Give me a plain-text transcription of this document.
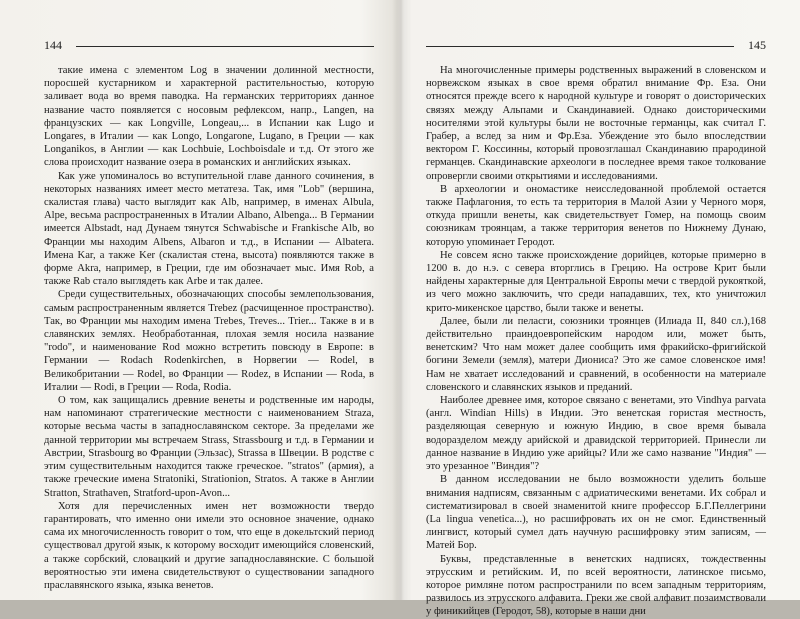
144

такие имена с элементом Log в значении долинной местности, поросшей кустарником и характерной растительностью, которую заливает вода во время паводка. На германских территориях данное название часто появляется с носовым рефлексом, напр., Langen, на французских — как Longville, Longeau,... в Испании как Lugo и Longares, в Италии — как Longo, Longarone, Lugano, в Греции — как Longanikos, в Англии — как Lochbuie, Lochboisdale и т.д. От этого же слова происходит название озера в романских и английских языках.

Как уже упоминалось во вступительной главе данного сочинения, в некоторых названиях имеет место метатеза. Так, имя "Lob" (вершина, скалистая глава) часто выглядит как Alb, например, в именах Albula, Alpe, весьма распространенных в Италии Albano, Albenga... В Германии имеется Albstadt, над Дунаем тянутся Schwabische и Frankische Alb, во Франции мы находим Albens, Albaron и т.д., в Испании — Albatera. Имена Kar, а также Ker (скалистая стена, высота) появляются также в форме Akra, например, в Греции, где им обозначает мыс. Имя Rob, а также Rab стало выглядеть как Arbe и так далее.

Среди существительных, обозначающих способы землепользования, самым распространенным является Trebez (расчищенное пространство). Так, во Франции мы находим имена Trebes, Treves... Trier... Также в и в славянских землях. Необработанная, плохая земля носила название "rodo", и наименование Rod можно встретить повсюду в Европе: в Германии — Rodach Rodenkirchen, в Норвегии — Rodel, в Великобритании — Rodel, во Франции — Rodez, в Испании — Roda, в Италии — Rodi, в Греции — Roda, Rodia.

О том, как защищались древние венеты и родственные им народы, нам напоминают стратегические местности с наименованием Straza, которые весьма часты в западнославянском секторе. За пределами же данной территории мы встречаем Strass, Strassbourg и т.д. в Германии и Австрии, Strasbourg во Франции (Эльзас), Strassa в Швеции. В родстве с этим существительным находится также греческое. "stratos" (армия), а также греческие имена Stratoniki, Strationion, Stratos. А также в Англии Stratton, Strathaven, Stratford-upon-Avon...

Хотя для перечисленных имен нет возможности твердо гарантировать, что именно они имели это основное значение, однако сама их многочисленность говорит о том, что еще в докельтский период существовал другой язык, к которому восходит имеющийся словенский, а также сорбский, словацкий и другие западнославянские. С большой вероятностью эти имена свидетельствуют о существовании западного праславянского языка, языка венетов.

145

На многочисленные примеры родственных выражений в словенском и норвежском языках в свое время обратил внимание Фр. Еза. Они относятся прежде всего к народной культуре и говорят о доисторических связях между Альпами и Скандинавией. Однако доисторическими носителями этой культуры были не восточные германцы, как считал Г. Грабер, а вслед за ним и Фр.Еза. Убеждение это было впоследствии вектором Г. Коссинны, который провозглашал Скандинавию прародиной германцев. Скандинавские археологи в последнее время такое толкование опровергли своими открытиями и исследованиями.

В археологии и ономастике неисследованной проблемой остается также Пафлагония, то есть та территория в Малой Азии у Черного моря, откуда пришли венеты, как свидетельствует Гомер, на помощь своим союзникам троянцам, а также территория венетов по Нижнему Дунаю, которую упоминает Геродот.

Не совсем ясно также происхождение дорийцев, которые примерно в 1200 в. до н.э. с севера вторглись в Грецию. На острове Крит были найдены характерные для Центральной Европы мечи с твердой рукояткой, из чего можно заключить, что среди нападавших, тех, кто уничтожил крито-микенское царство, были также и венеты.

Далее, были ли пеласги, союзники троянцев (Илиада II, 840 сл.),168 действительно праиндоевропейским народом или, может быть, венетским? Что нам может далее сообщить имя фракийско-фригийской богини Земели (земля), матери Диониса? Это же самое словенское имя! Нам не хватает исследований и сравнений, в особенности на материале словенского и славянских языков и преданий.

Наиболее древнее имя, которое связано с венетами, это Vindhya parvata (англ. Windian Hills) в Индии. Это венетская гористая местность, разделяющая северную и южную Индию, в свое время бывала водоразделом между арийской и дравидской территорией. Принесли ли данное название в Индию уже арийцы? Или же само название "Индия" — это урезанное "Виндия"?

В данном исследовании не было возможности уделить больше внимания надписям, связанным с адриатическими венетами. Их собрал и систематизировал в своей знаменитой книге профессор Б.Г.Пеллегрини (La lingua venetica...), но расшифровать их он не смог. Единственный лингвист, который сумел дать научную расшифровку этим записям, — Матей Бор.

Буквы, представленные в венетских надписях, тождественны этрусским и ретийским. И, по всей вероятности, латинское письмо, которое римляне потом распространили по всем западным территориям, развилось из этрусского алфавита. Греки же свой алфавит позаимствовали у финикийцев (Геродот, 58), которые в наши дни
